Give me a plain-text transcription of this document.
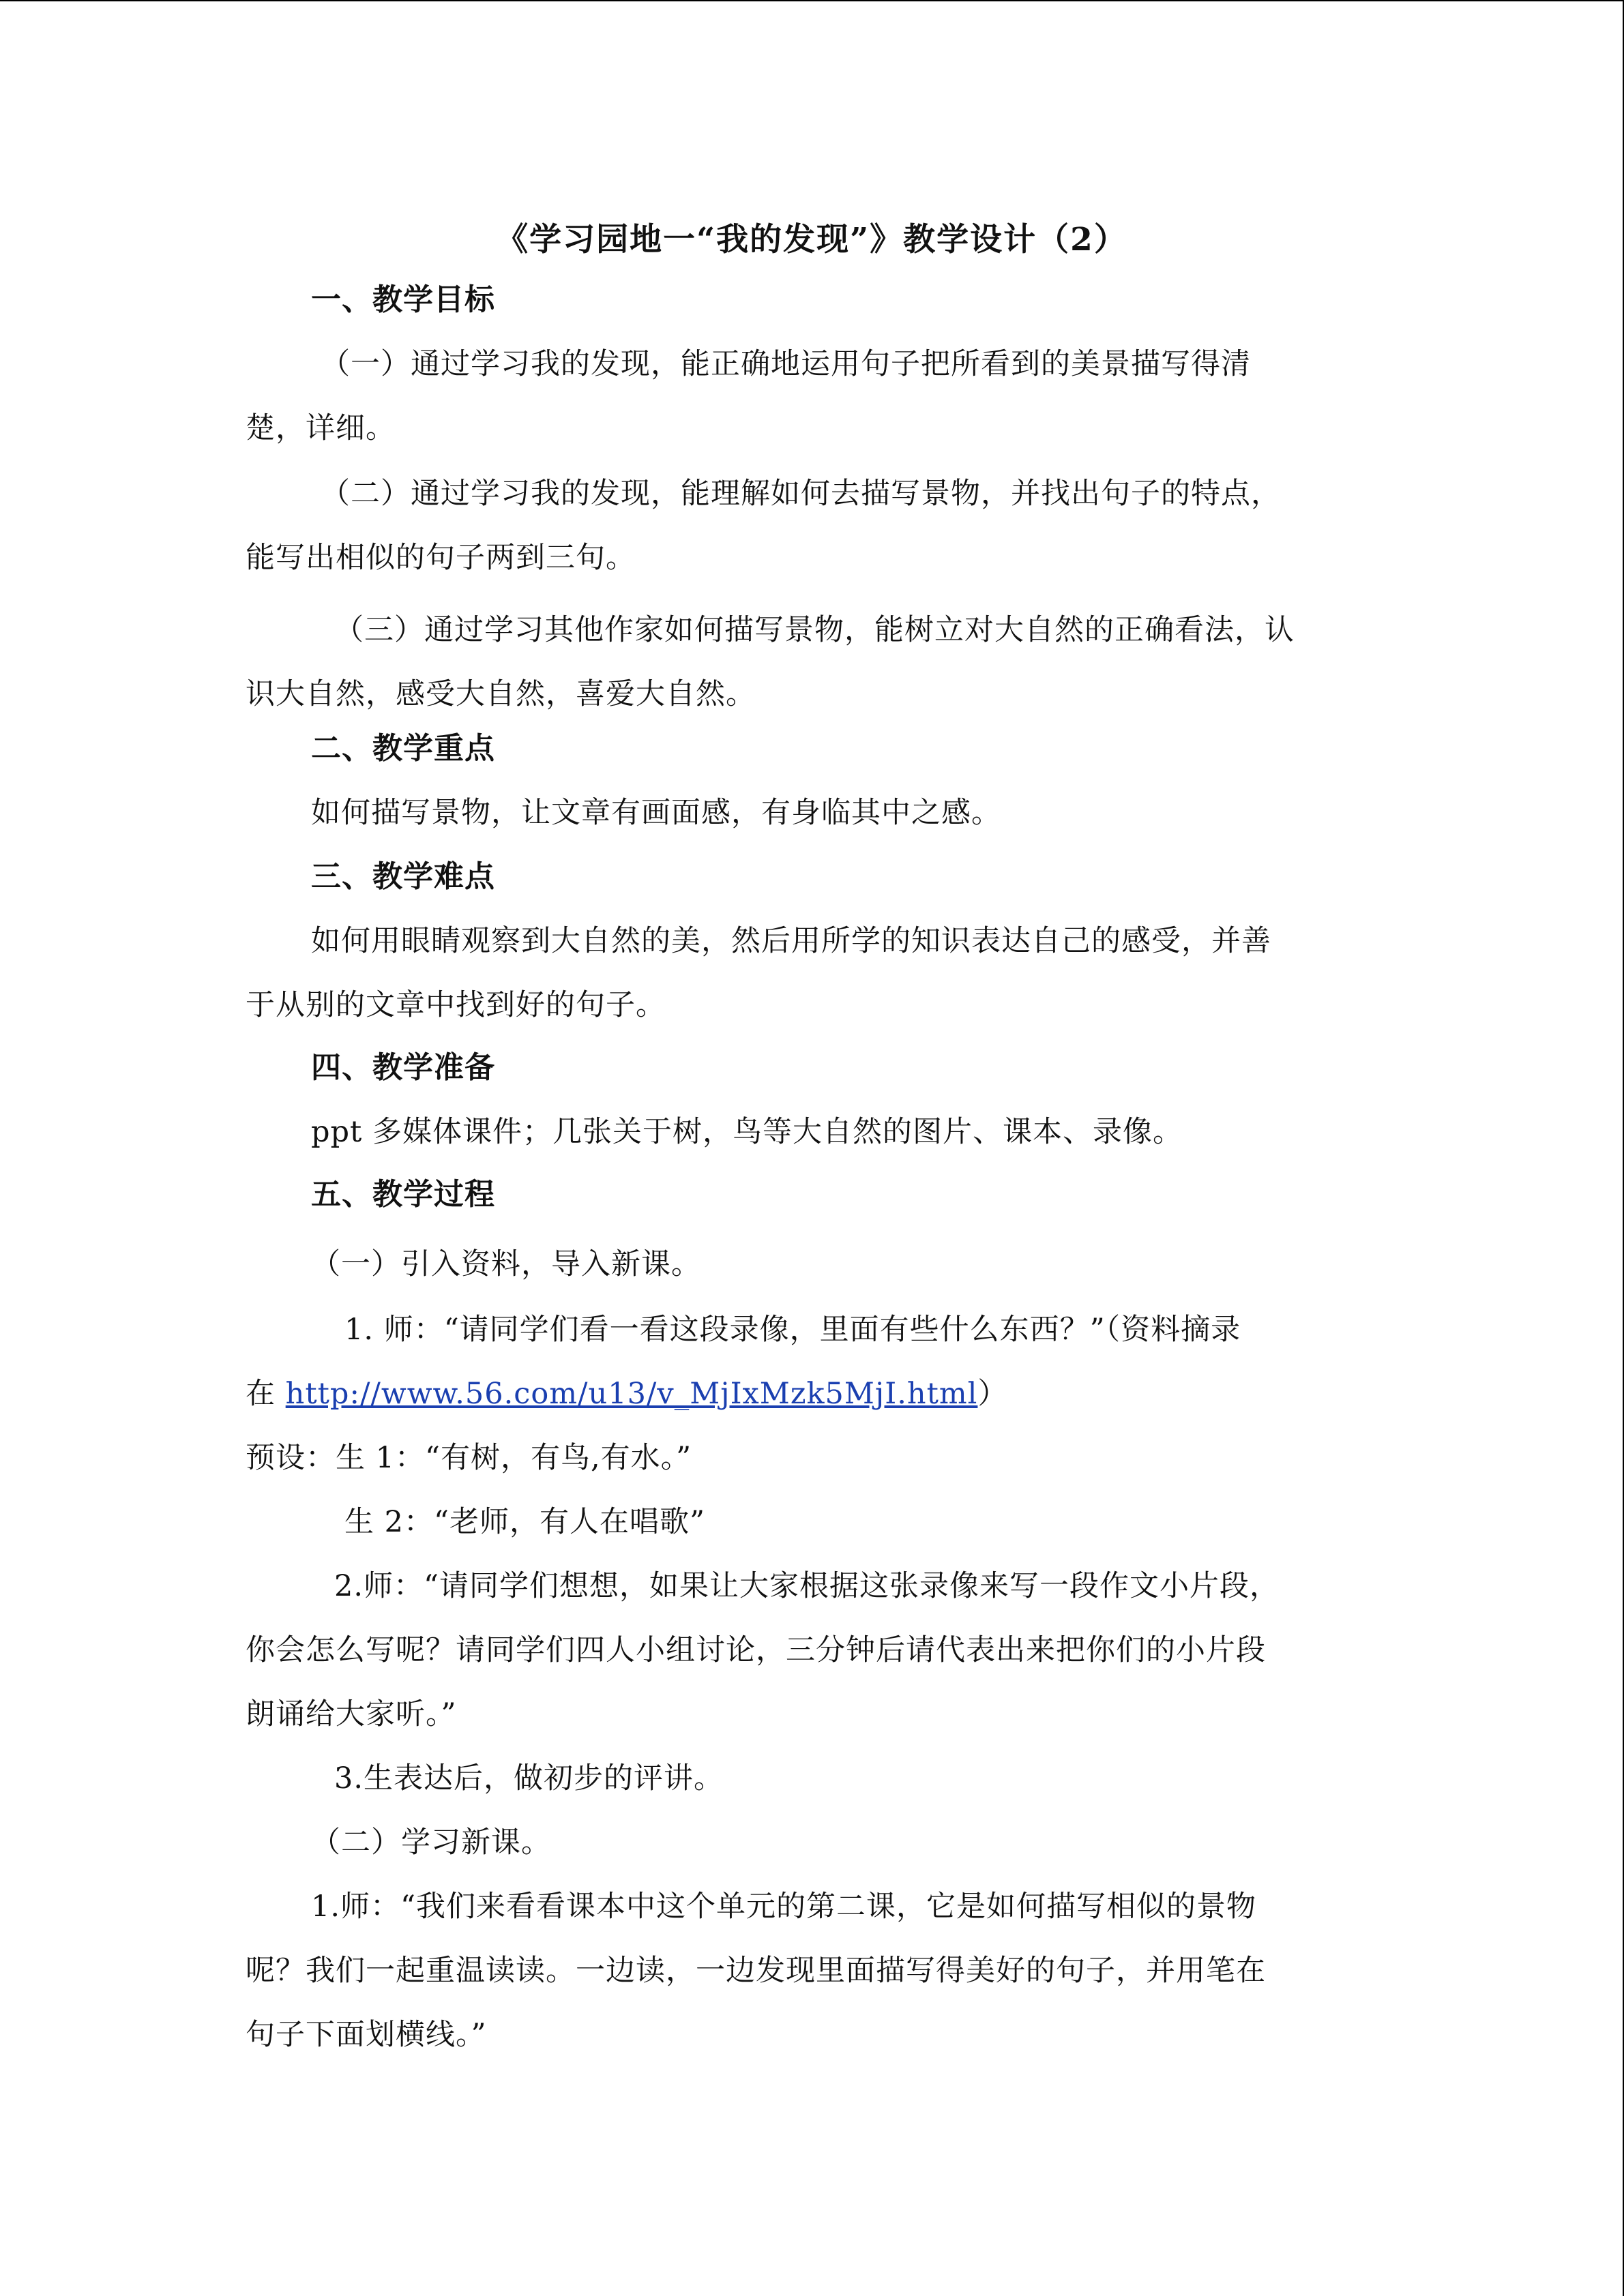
《学习园地一“我的发现”》教学设计（2）
一、教学目标
（一）通过学习我的发现，能正确地运用句子把所看到的美景描写得清
楚，详细。
（二）通过学习我的发现，能理解如何去描写景物，并找出句子的特点，
能写出相似的句子两到三句。
（三）通过学习其他作家如何描写景物，能树立对大自然的正确看法，认
识大自然，感受大自然，喜爱大自然。
二、教学重点
如何描写景物，让文章有画面感，有身临其中之感。
三、教学难点
如何用眼睛观察到大自然的美，然后用所学的知识表达自己的感受，并善
于从别的文章中找到好的句子。
四、教学准备
ppt 多媒体课件；几张关于树，鸟等大自然的图片、课本、录像。
五、教学过程
（一）引入资料，导入新课。
1. 师：“请同学们看一看这段录像，里面有些什么东西？”（资料摘录
在 http://www.56.com/u13/v_MjIxMzk5MjI.html）
预设：生 1：“有树，有鸟,有水。”
生 2：“老师，有人在唱歌”
2.师：“请同学们想想，如果让大家根据这张录像来写一段作文小片段，
你会怎么写呢？请同学们四人小组讨论，三分钟后请代表出来把你们的小片段
朗诵给大家听。”
3.生表达后，做初步的评讲。
（二）学习新课。
1.师：“我们来看看课本中这个单元的第二课，它是如何描写相似的景物
呢？我们一起重温读读。一边读，一边发现里面描写得美好的句子，并用笔在
句子下面划横线。”
